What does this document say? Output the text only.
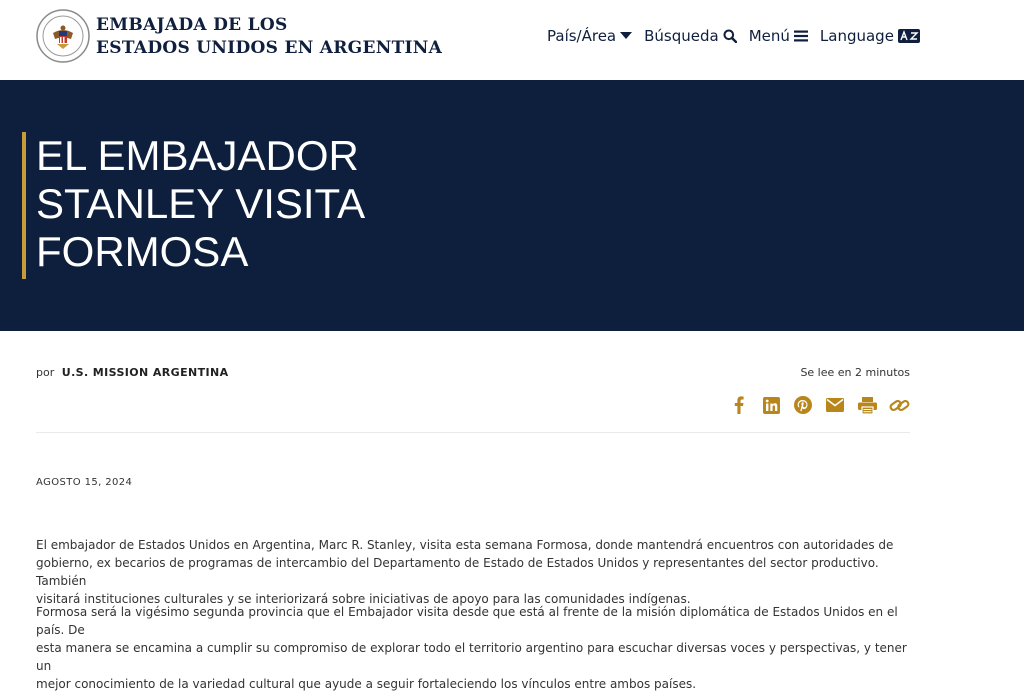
EMBAJADA DE LOS
ESTADOS UNIDOS EN ARGENTINA
País/Área Búsqueda Menú Language
EL EMBAJADOR
STANLEY VISITA
FORMOSA
por U.S. MISSION ARGENTINA	Se lee en 2 minutos
AGOSTO 15, 2024

El embajador de Estados Unidos en Argentina, Marc R. Stanley, visita esta semana Formosa, donde mantendrá encuentros con autoridades de
gobierno, ex becarios de programas de intercambio del Departamento de Estado de Estados Unidos y representantes del sector productivo. También
visitará instituciones culturales y se interiorizará sobre iniciativas de apoyo para las comunidades indígenas.

Formosa será la vigésimo segunda provincia que el Embajador visita desde que está al frente de la misión diplomática de Estados Unidos en el país. De
esta manera se encamina a cumplir su compromiso de explorar todo el territorio argentino para escuchar diversas voces y perspectivas, y tener un
mejor conocimiento de la variedad cultural que ayude a seguir fortaleciendo los vínculos entre ambos países.
